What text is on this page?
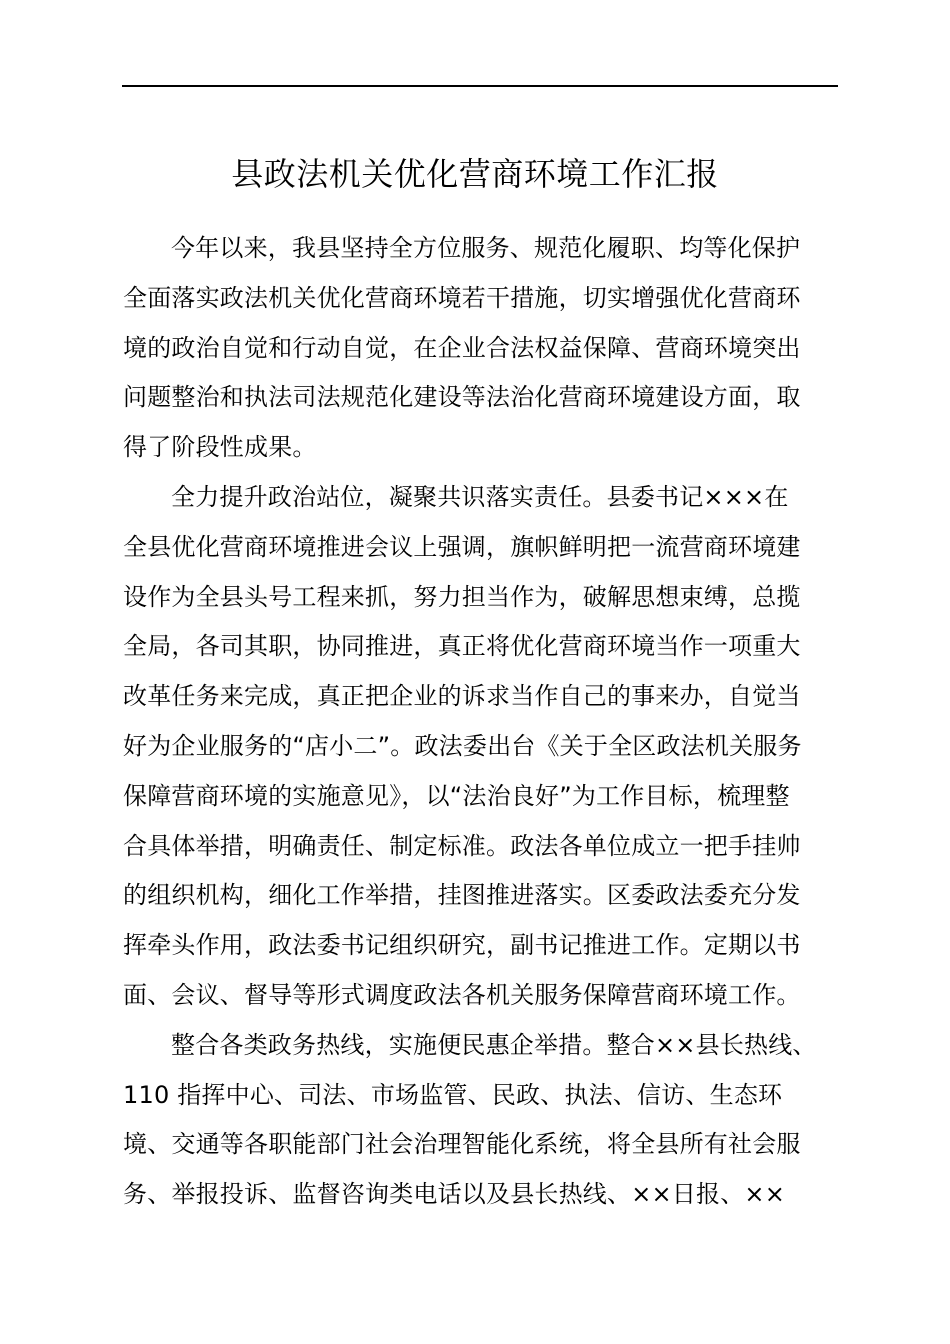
县政法机关优化营商环境工作汇报

今年以来，我县坚持全方位服务、规范化履职、均等化保护
全面落实政法机关优化营商环境若干措施，切实增强优化营商环
境的政治自觉和行动自觉，在企业合法权益保障、营商环境突出
问题整治和执法司法规范化建设等法治化营商环境建设方面，取
得了阶段性成果。

全力提升政治站位，凝聚共识落实责任。县委书记×××在
全县优化营商环境推进会议上强调，旗帜鲜明把一流营商环境建
设作为全县头号工程来抓，努力担当作为，破解思想束缚，总揽
全局，各司其职，协同推进，真正将优化营商环境当作一项重大
改革任务来完成，真正把企业的诉求当作自己的事来办，自觉当
好为企业服务的“店小二”。政法委出台《关于全区政法机关服务
保障营商环境的实施意见》，以“法治良好”为工作目标，梳理整
合具体举措，明确责任、制定标准。政法各单位成立一把手挂帅
的组织机构，细化工作举措，挂图推进落实。区委政法委充分发
挥牵头作用，政法委书记组织研究，副书记推进工作。定期以书
面、会议、督导等形式调度政法各机关服务保障营商环境工作。

整合各类政务热线，实施便民惠企举措。整合××县长热线、
110 指挥中心、司法、市场监管、民政、执法、信访、生态环
境、交通等各职能部门社会治理智能化系统，将全县所有社会服
务、举报投诉、监督咨询类电话以及县长热线、××日报、××
